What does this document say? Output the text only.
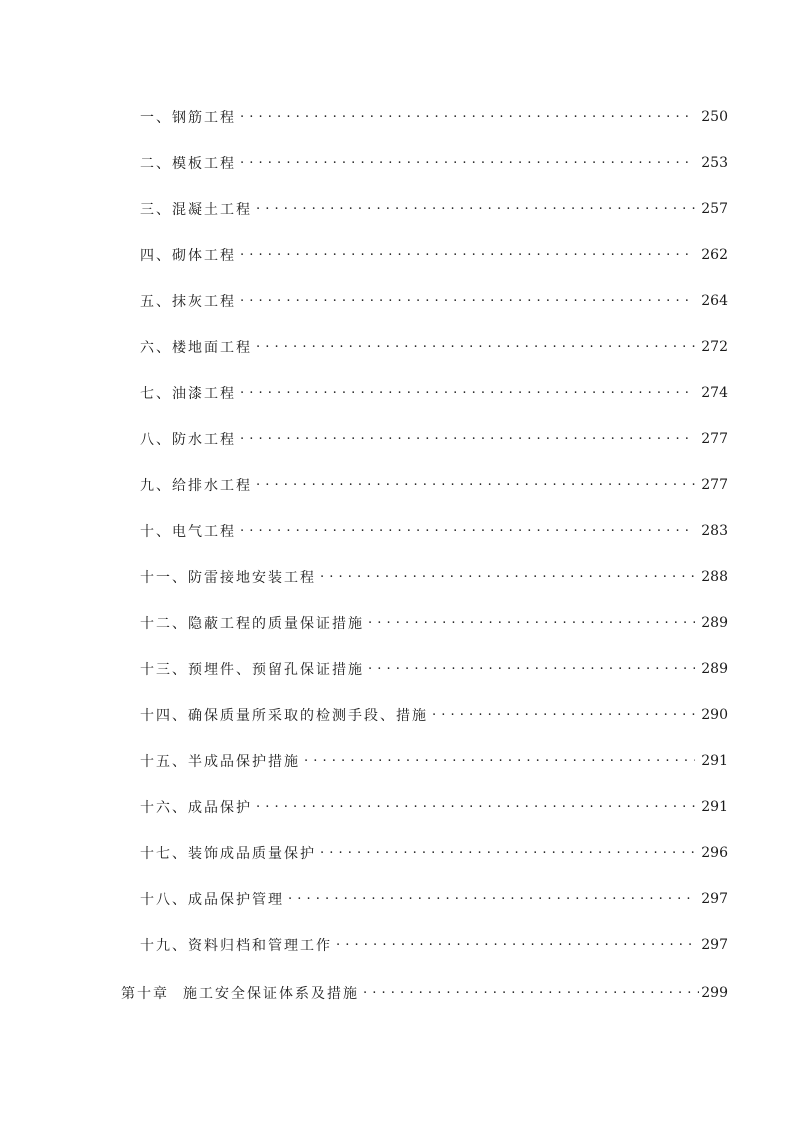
一、钢筋工程 . . .	250
二、模板工程 . . .	253
三、混凝土工程 . . .	257
四、砌体工程 . . .	262
五、抹灰工程 . . .	264
六、楼地面工程 . . .	272
七、油漆工程 . . .	274
八、防水工程 . . .	277
九、给排水工程 . . .	277
十、电气工程 . . .	283
十一、防雷接地安装工程 . . .	288
十二、隐蔽工程的质量保证措施 . . .	289
十三、预埋件、预留孔保证措施 . . .	289
十四、确保质量所采取的检测手段、措施 . . .	290
十五、半成品保护措施 . . .	291
十六、成品保护 . . .	291
十七、装饰成品质量保护 . . .	296
十八、成品保护管理 . . .	297
十九、资料归档和管理工作 . . .	297
第十章 施工安全保证体系及措施 . . .	299
